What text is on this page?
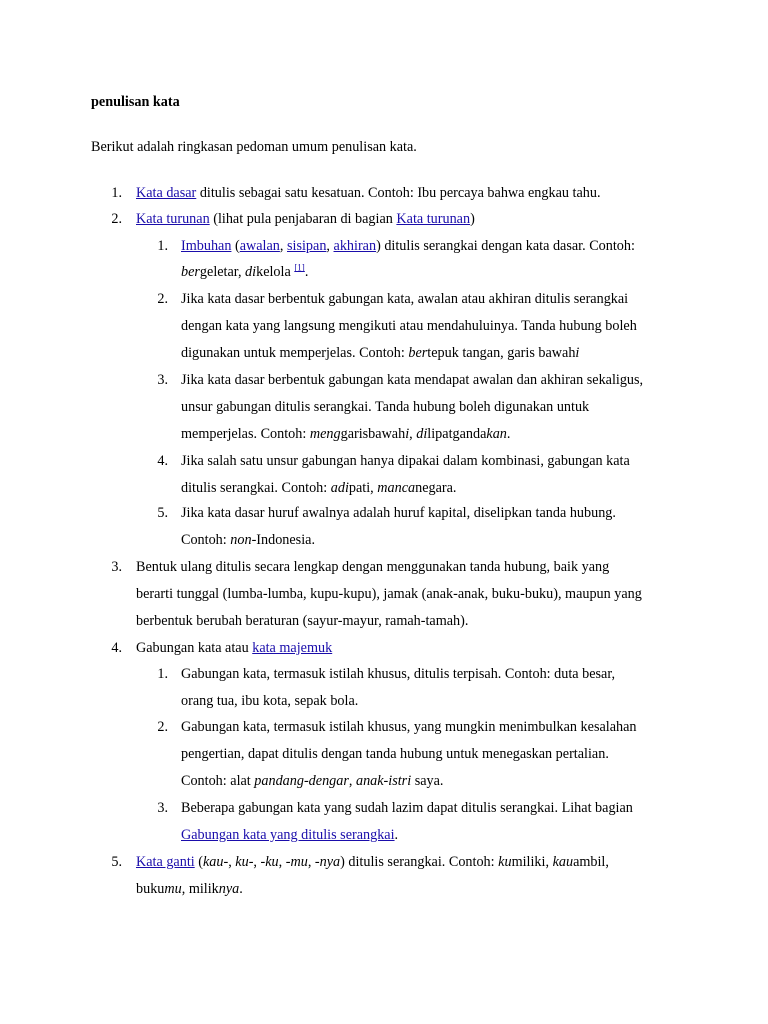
penulisan kata
Berikut adalah ringkasan pedoman umum penulisan kata.
1. Kata dasar ditulis sebagai satu kesatuan. Contoh: Ibu percaya bahwa engkau tahu.
2. Kata turunan (lihat pula penjabaran di bagian Kata turunan)
1. Imbuhan (awalan, sisipan, akhiran) ditulis serangkai dengan kata dasar. Contoh:
bergeletar, dikelola [1].
2. Jika kata dasar berbentuk gabungan kata, awalan atau akhiran ditulis serangkai
dengan kata yang langsung mengikuti atau mendahuluinya. Tanda hubung boleh
digunakan untuk memperjelas. Contoh: bertepuk tangan, garis bawahi
3. Jika kata dasar berbentuk gabungan kata mendapat awalan dan akhiran sekaligus,
unsur gabungan ditulis serangkai. Tanda hubung boleh digunakan untuk
memperjelas. Contoh: menggarisbawahi, dilipatgandakan.
4. Jika salah satu unsur gabungan hanya dipakai dalam kombinasi, gabungan kata
ditulis serangkai. Contoh: adipati, mancanegara.
5. Jika kata dasar huruf awalnya adalah huruf kapital, diselipkan tanda hubung.
Contoh: non-Indonesia.
3. Bentuk ulang ditulis secara lengkap dengan menggunakan tanda hubung, baik yang
berarti tunggal (lumba-lumba, kupu-kupu), jamak (anak-anak, buku-buku), maupun yang
berbentuk berubah beraturan (sayur-mayur, ramah-tamah).
4. Gabungan kata atau kata majemuk
1. Gabungan kata, termasuk istilah khusus, ditulis terpisah. Contoh: duta besar,
orang tua, ibu kota, sepak bola.
2. Gabungan kata, termasuk istilah khusus, yang mungkin menimbulkan kesalahan
pengertian, dapat ditulis dengan tanda hubung untuk menegaskan pertalian.
Contoh: alat pandang-dengar, anak-istri saya.
3. Beberapa gabungan kata yang sudah lazim dapat ditulis serangkai. Lihat bagian
Gabungan kata yang ditulis serangkai.
5. Kata ganti (kau-, ku-, -ku, -mu, -nya) ditulis serangkai. Contoh: kumiliki, kauambil,
bukumu, miliknya.
